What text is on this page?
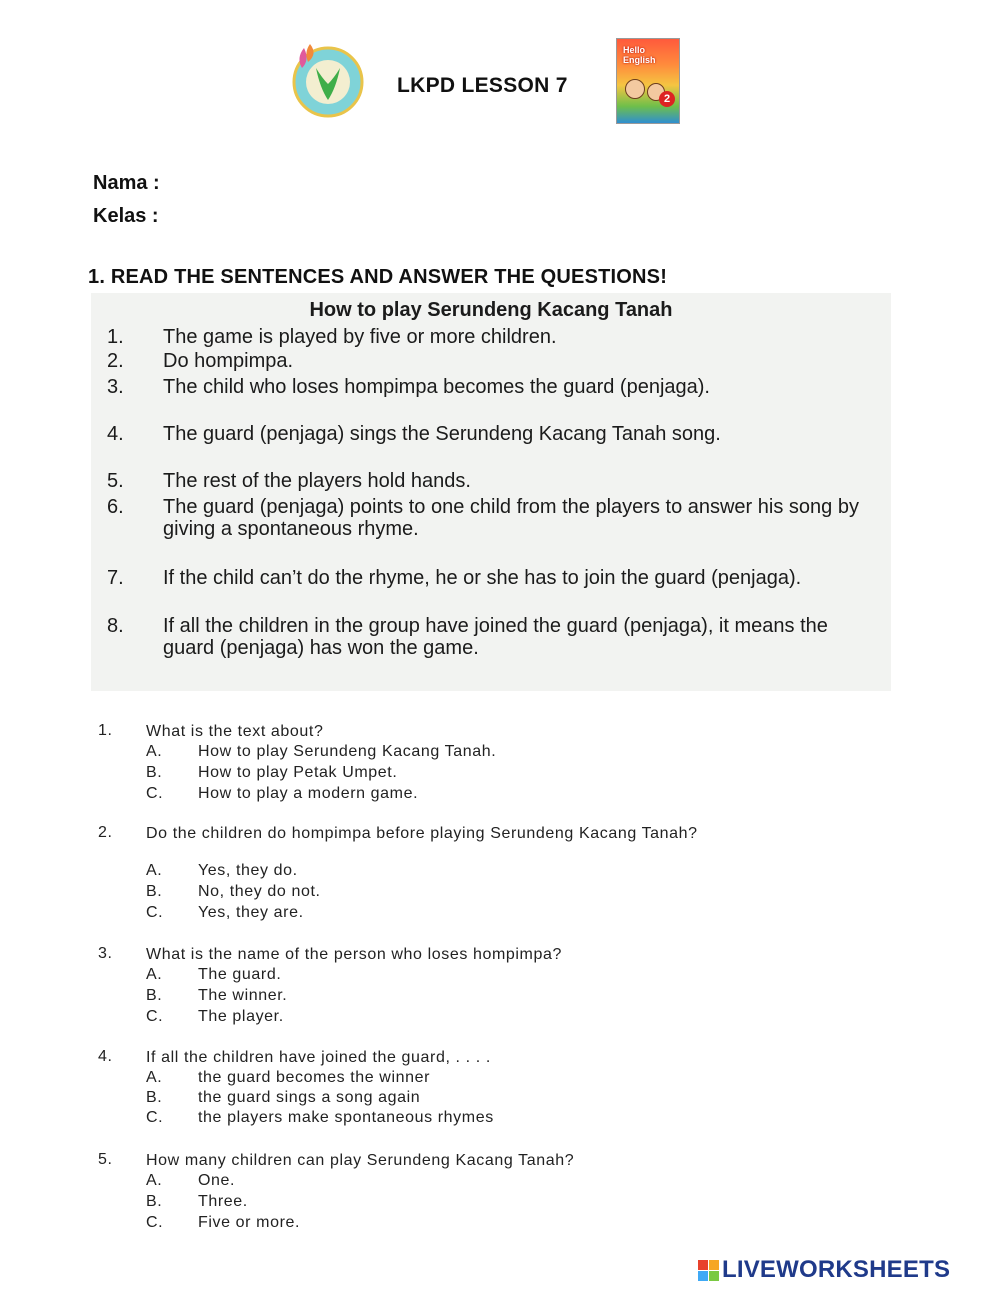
LKPD LESSON 7
Hello English
2
Nama :
Kelas :
1. READ THE SENTENCES AND ANSWER THE QUESTIONS!
How to play Serundeng Kacang Tanah
1.	The game is played by five or more children.
2.	Do hompimpa.
3.	The child who loses hompimpa becomes the guard (penjaga).
4.	The guard (penjaga) sings the Serundeng Kacang Tanah song.
5.	The rest of the players hold hands.
6.	The guard (penjaga) points to one child from the players to answer his song by giving a spontaneous rhyme.
7.	If the child can’t do the rhyme, he or she has to join the guard (penjaga).
8.	If all the children in the group have joined the guard (penjaga), it means the guard (penjaga) has won the game.
1. What is the text about?
A.	How to play Serundeng Kacang Tanah.
B.	How to play Petak Umpet.
C.	How to play a modern game.
2. Do the children do hompimpa before playing Serundeng Kacang Tanah?
A.	Yes, they do.
B.	No, they do not.
C.	Yes, they are.
3. What is the name of the person who loses hompimpa?
A.	The guard.
B.	The winner.
C.	The player.
4. If all the children have joined the guard, . . . .
A.	the guard becomes the winner
B.	the guard sings a song again
C.	the players make spontaneous rhymes
5. How many children can play Serundeng Kacang Tanah?
A.	One.
B.	Three.
C.	Five or more.
LIVEWORKSHEETS
